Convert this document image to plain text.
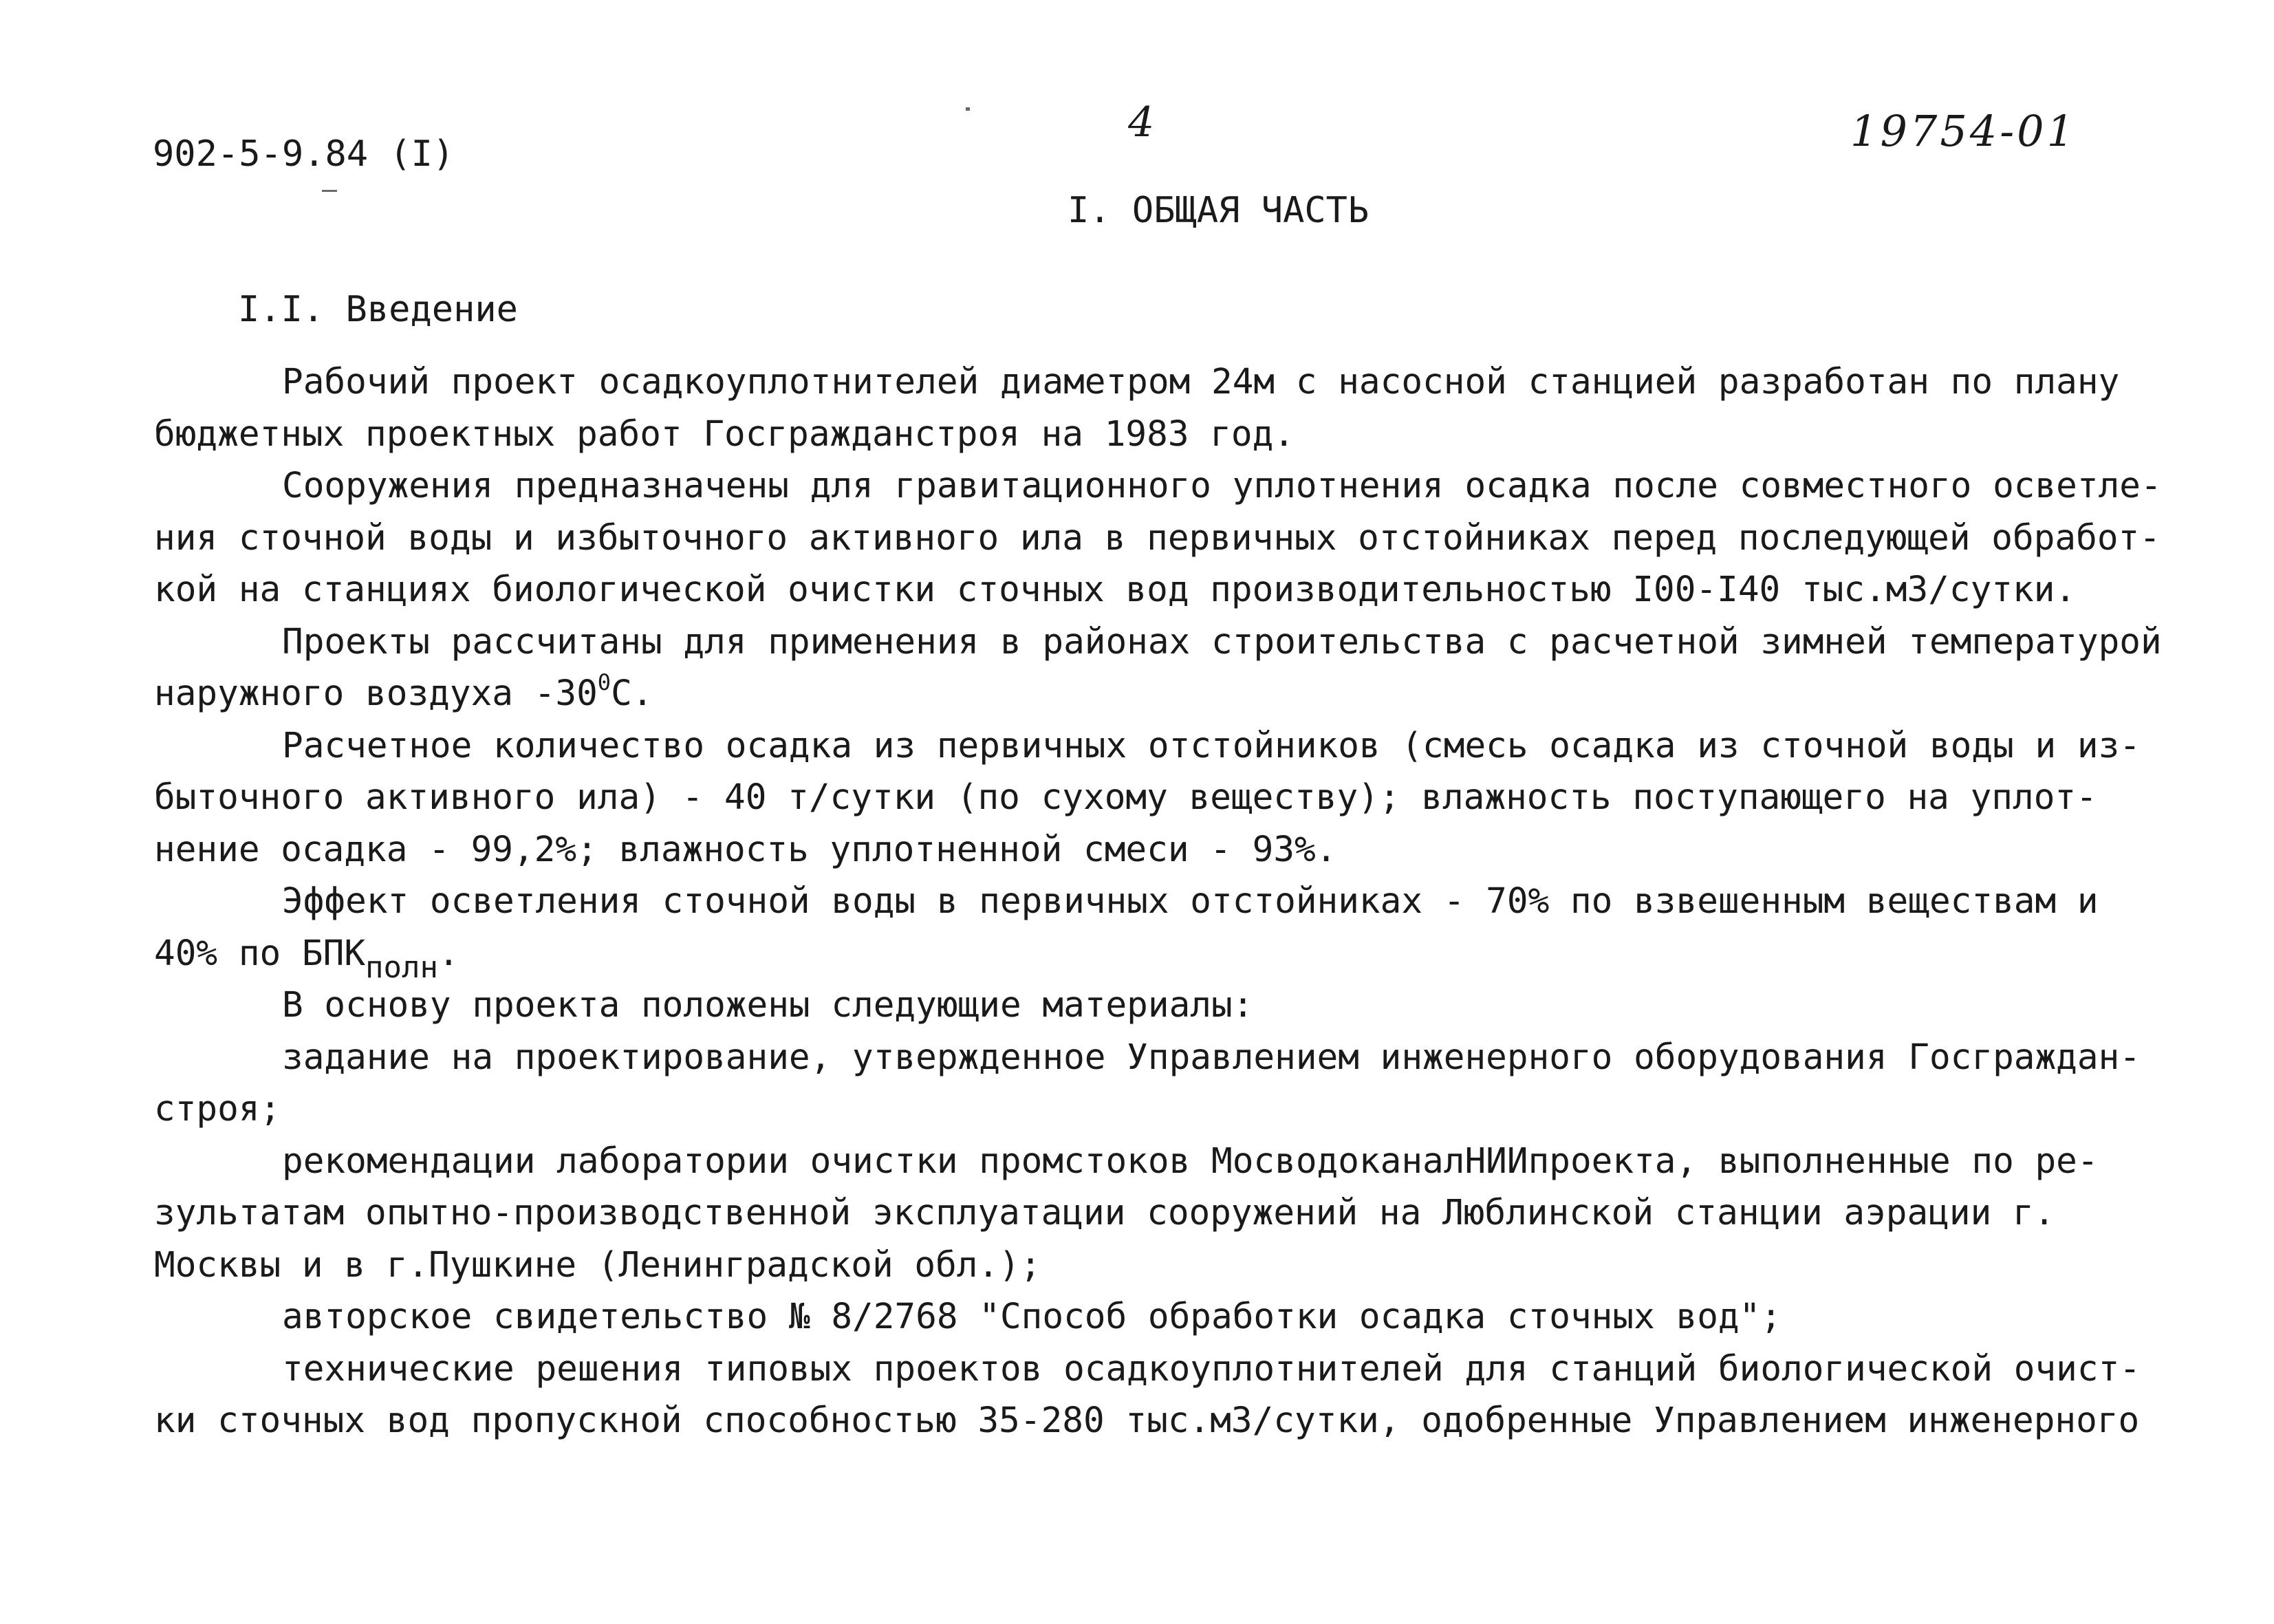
902-5-9.84 (I)
4	19754-01
I. ОБЩАЯ ЧАСТЬ
I.I. Введение
Рабочий проект осадкоуплотнителей диаметром 24м с насосной станцией разработан по плану
бюджетных проектных работ Госгражданстроя на 1983 год.
Сооружения предназначены для гравитационного уплотнения осадка после совместного осветле-
ния сточной воды и избыточного активного ила в первичных отстойниках перед последующей обработ-
кой на станциях биологической очистки сточных вод производительностью I00-I40 тыс.м3/сутки.
Проекты рассчитаны для применения в районах строительства с расчетной зимней температурой
наружного воздуха $-30^0С$.
Расчетное количество осадка из первичных отстойников (смесь осадка из сточной воды и из-
быточного активного ила) - 40 т/сутки (по сухому веществу); влажность поступающего на уплот-
нение осадка - 99,2%; влажность уплотненной смеси - 93%.
Эффект осветления сточной воды в первичных отстойниках - 70% по взвешенным веществам и
40% по $БПК_{полн}$.
В основу проекта положены следующие материалы:
задание на проектирование, утвержденное Управлением инженерного оборудования Госграждан-
строя;
рекомендации лаборатории очистки промстоков МосводоканалНИИпроекта, выполненные по ре-
зультатам опытно-производственной эксплуатации сооружений на Люблинской станции аэрации г.
Москвы и в г.Пушкине (Ленинградской обл.);
авторское свидетельство № 8/2768 "Способ обработки осадка сточных вод";
технические решения типовых проектов осадкоуплотнителей для станций биологической очист-
ки сточных вод пропускной способностью 35-280 тыс.м3/сутки, одобренные Управлением инженерного
